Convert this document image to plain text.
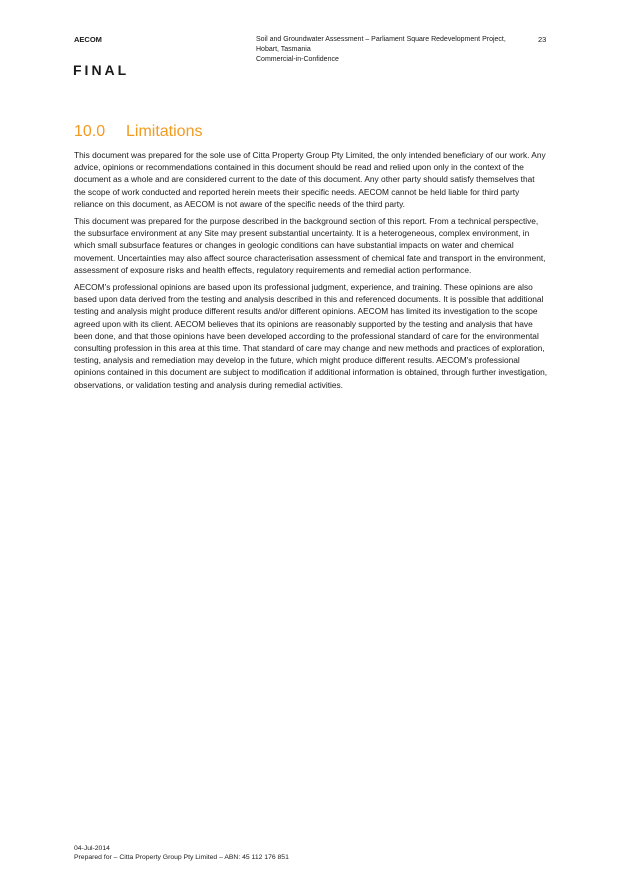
AECOM	Soil and Groundwater Assessment – Parliament Square Redevelopment Project,
Hobart, Tasmania
Commercial-in-Confidence
23
FINAL
10.0 Limitations

This document was prepared for the sole use of Citta Property Group Pty Limited, the only intended beneficiary of our work. Any advice, opinions or recommendations contained in this document should be read and relied upon only in the context of the document as a whole and are considered current to the date of this document. Any other party should satisfy themselves that the scope of work conducted and reported herein meets their specific needs. AECOM cannot be held liable for third party reliance on this document, as AECOM is not aware of the specific needs of the third party.

This document was prepared for the purpose described in the background section of this report. From a technical perspective, the subsurface environment at any Site may present substantial uncertainty. It is a heterogeneous, complex environment, in which small subsurface features or changes in geologic conditions can have substantial impacts on water and chemical movement. Uncertainties may also affect source characterisation assessment of chemical fate and transport in the environment, assessment of exposure risks and health effects, regulatory requirements and remedial action performance.

AECOM's professional opinions are based upon its professional judgment, experience, and training. These opinions are also based upon data derived from the testing and analysis described in this and referenced documents. It is possible that additional testing and analysis might produce different results and/or different opinions. AECOM has limited its investigation to the scope agreed upon with its client. AECOM believes that its opinions are reasonably supported by the testing and analysis that have been done, and that those opinions have been developed according to the professional standard of care for the environmental consulting profession in this area at this time. That standard of care may change and new methods and practices of exploration, testing, analysis and remediation may develop in the future, which might produce different results. AECOM's professional opinions contained in this document are subject to modification if additional information is obtained, through further investigation, observations, or validation testing and analysis during remedial activities.

04-Jul-2014
Prepared for – Citta Property Group Pty Limited – ABN: 45 112 176 851
